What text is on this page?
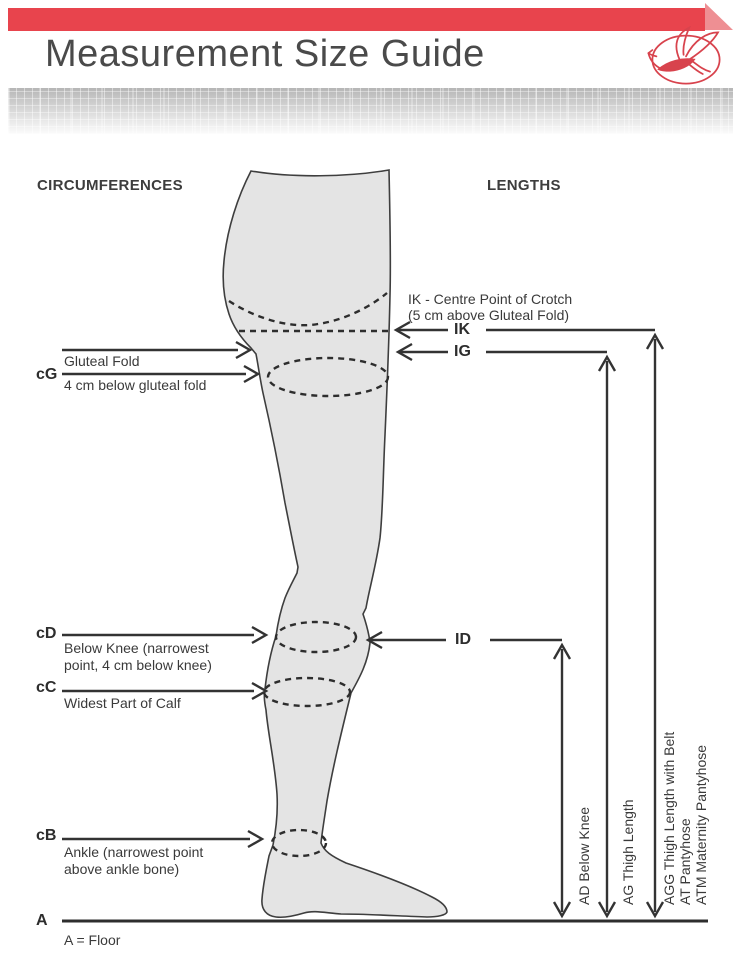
Measurement Size Guide
CIRCUMFERENCES	LENGTHS
Gluteal Fold
cG
4 cm below gluteal fold
cD
Below Knee (narrowest point, 4 cm below knee)
cC
Widest Part of Calf
cB
Ankle (narrowest point above ankle bone)
A
A = Floor
IK - Centre Point of Crotch
(5 cm above Gluteal Fold)
IK
IG
ID
AD Below Knee AG Thigh Length AGG Thigh Length with Belt AT Pantyhose ATM Maternity Pantyhose
